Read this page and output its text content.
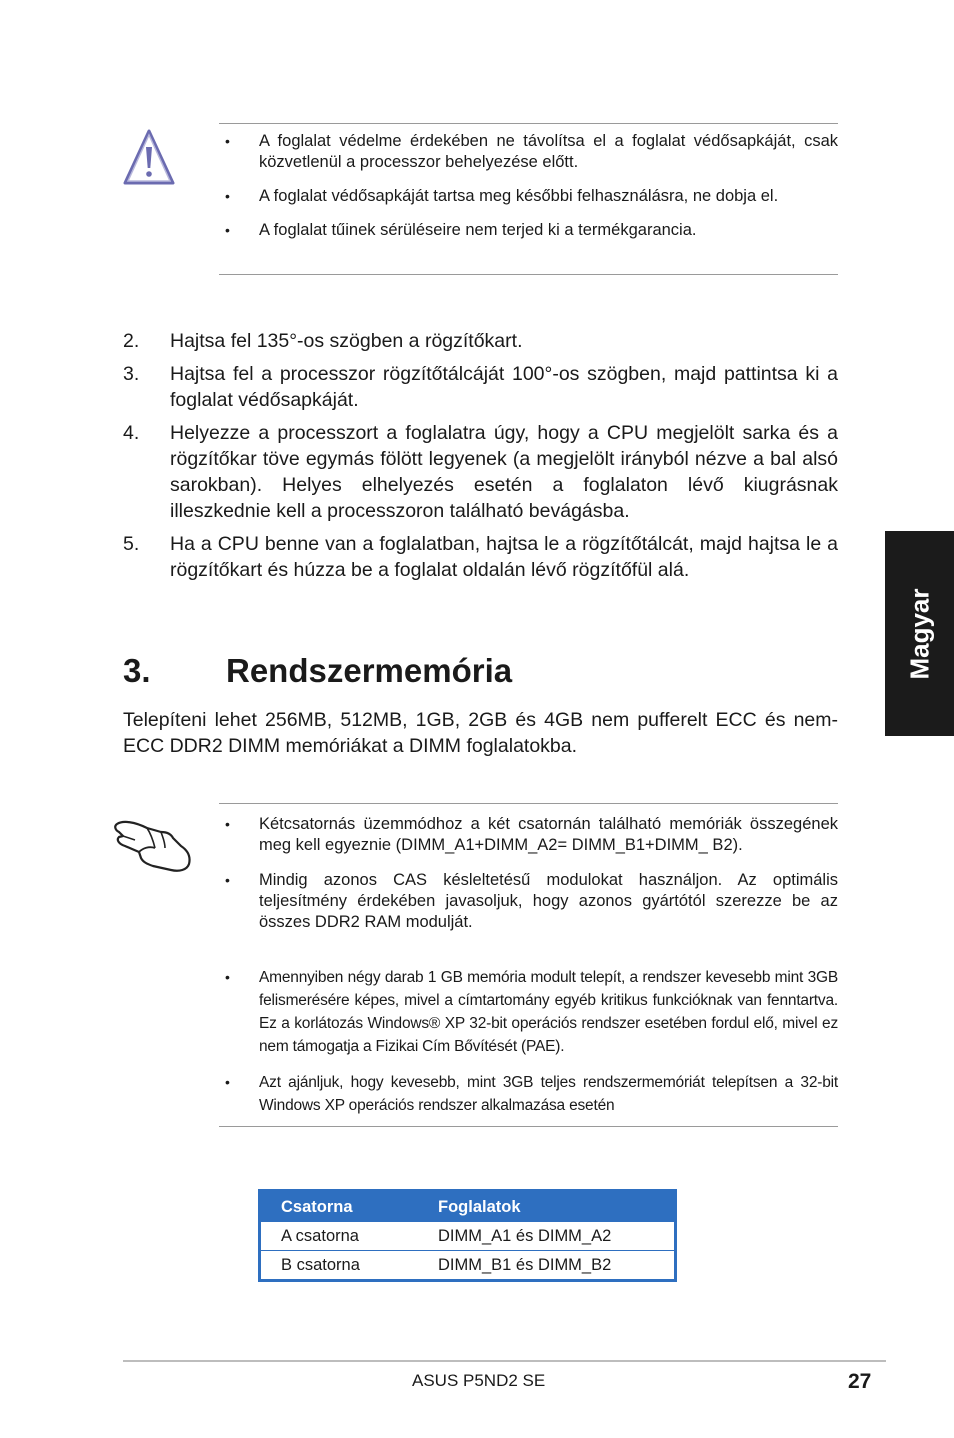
• A foglalat védelme érdekében ne távolítsa el a foglalat védősapkáját, csak közvetlenül a processzor behelyezése előtt.
• A foglalat védősapkáját tartsa meg későbbi felhasználásra, ne dobja el.
• A foglalat tűinek sérüléseire nem terjed ki a termékgarancia.
2. Hajtsa fel 135°-os szögben a rögzítőkart.
3. Hajtsa fel a processzor rögzítőtálcáját 100°-os szögben, majd pattintsa ki a foglalat védősapkáját.
4. Helyezze a processzort a foglalatra úgy, hogy a CPU megjelölt sarka és a rögzítőkar töve egymás fölött legyenek (a megjelölt irányból nézve a bal alsó sarokban). Helyes elhelyezés esetén a foglalaton lévő kiugrásnak illeszkednie kell a processzoron található bevágásba.
5. Ha a CPU benne van a foglalatban, hajtsa le a rögzítőtálcát, majd hajtsa le a rögzítőkart és húzza be a foglalat oldalán lévő rögzítőfül alá.
3. Rendszermemória
Telepíteni lehet 256MB, 512MB, 1GB, 2GB és 4GB nem pufferelt ECC és nem-ECC DDR2 DIMM memóriákat a DIMM foglalatokba.
Magyar
• Kétcsatornás üzemmódhoz a két csatornán található memóriák összegének meg kell egyeznie (DIMM_A1+DIMM_A2= DIMM_B1+DIMM_ B2).
• Mindig azonos CAS késleltetésű modulokat használjon. Az optimális teljesítmény érdekében javasoljuk, hogy azonos gyártótól szerezze be az összes DDR2 RAM modulját.
• Amennyiben négy darab 1 GB memória modult telepít, a rendszer kevesebb mint 3GB felismerésére képes, mivel a címtartomány egyéb kritikus funkcióknak van fenntartva. Ez a korlátozás Windows® XP 32-bit operációs rendszer esetében fordul elő, mivel ez nem támogatja a Fizikai Cím Bővítését (PAE).
• Azt ajánljuk, hogy kevesebb, mint 3GB teljes rendszermemóriát telepítsen a 32-bit Windows XP operációs rendszer alkalmazása esetén
Csatorna	Foglalatok
A csatorna	DIMM_A1 és DIMM_A2
B csatorna	DIMM_B1 és DIMM_B2
ASUS P5ND2 SE	27
